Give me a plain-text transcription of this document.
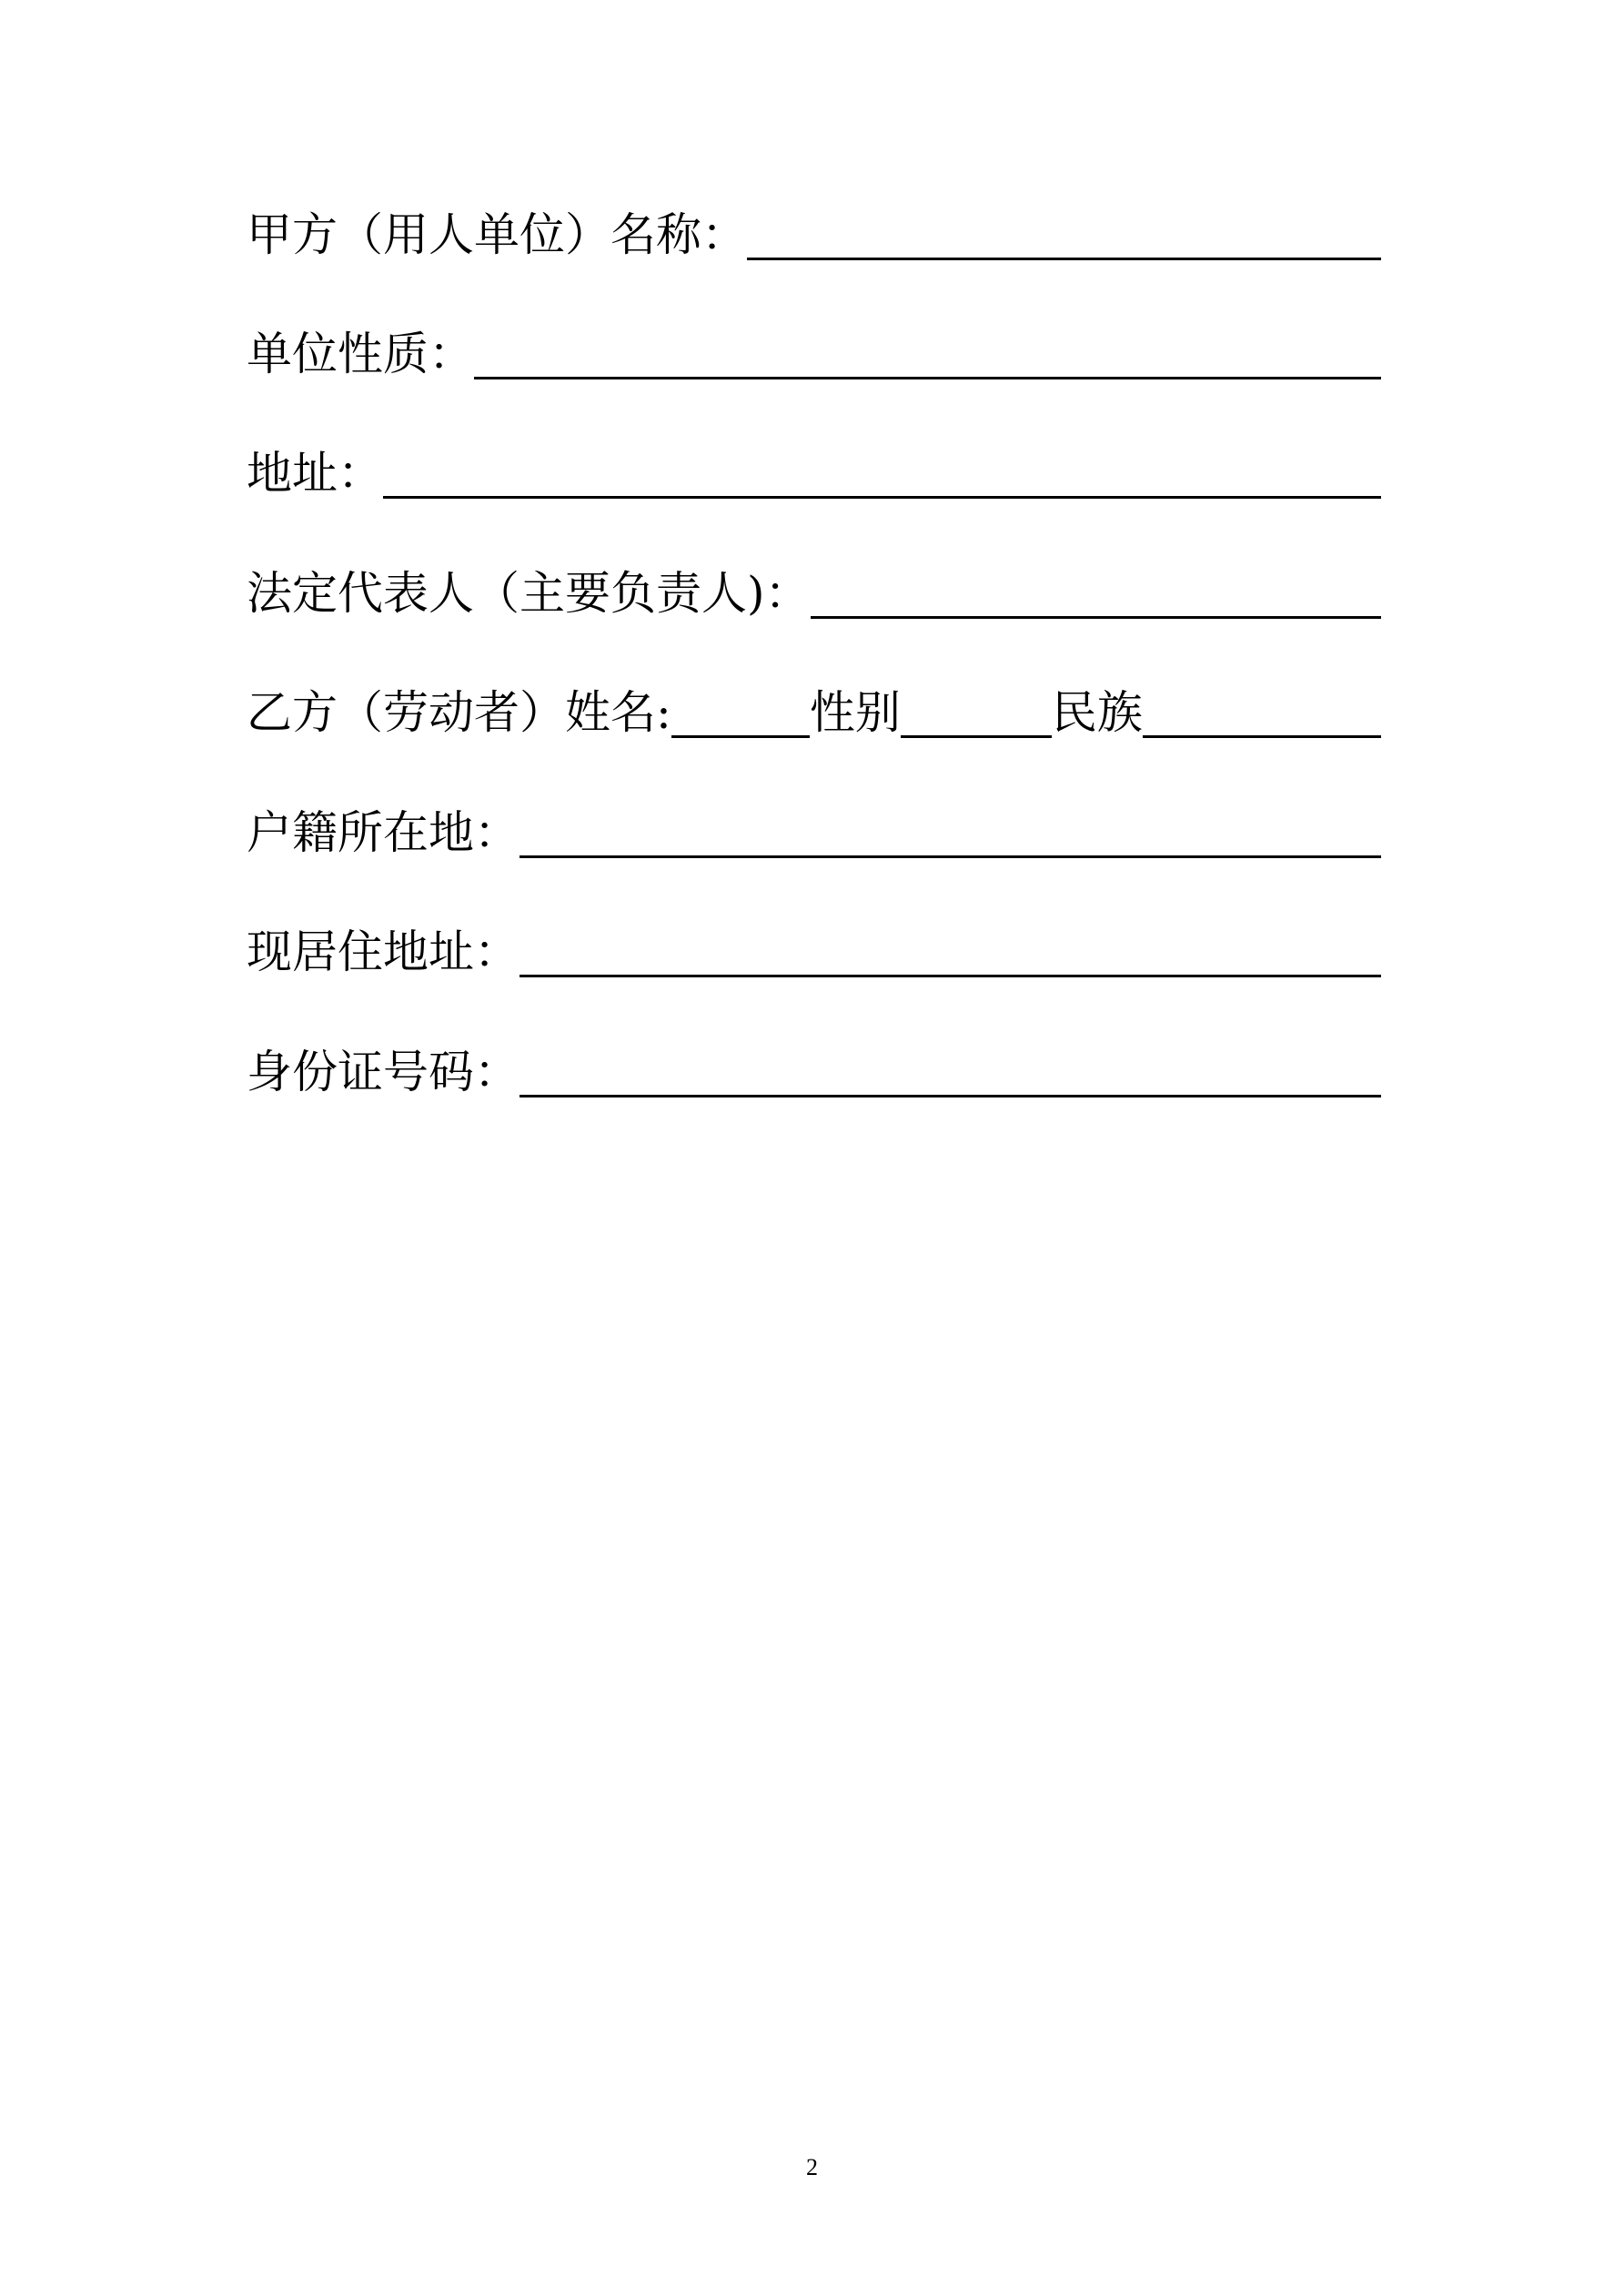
甲方（用人单位）名称：
单位性质：
地址：
法定代表人（主要负责人)：
乙方（劳动者）姓名:	性别	民族
户籍所在地：
现居住地址：
身份证号码：
2
